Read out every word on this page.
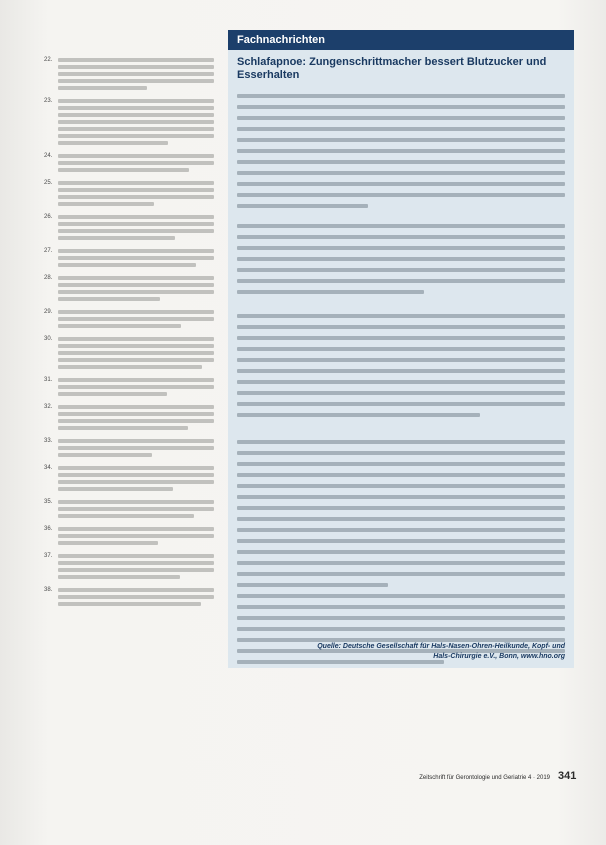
22.
23.
24.
25.
26.
27.
28.
29.
30.
31.
32.
33.
34.
35.
36.
37.
38.
Fachnachrichten
Schlafapnoe: Zungenschrittmacher bessert Blutzucker und Esserhalten
Quelle: Deutsche Gesellschaft für Hals-Nasen-Ohren-Heilkunde, Kopf- und Hals-Chirurgie e.V., Bonn, www.hno.org
Zeitschrift für Gerontologie und Geriatrie 4 · 2019 341
